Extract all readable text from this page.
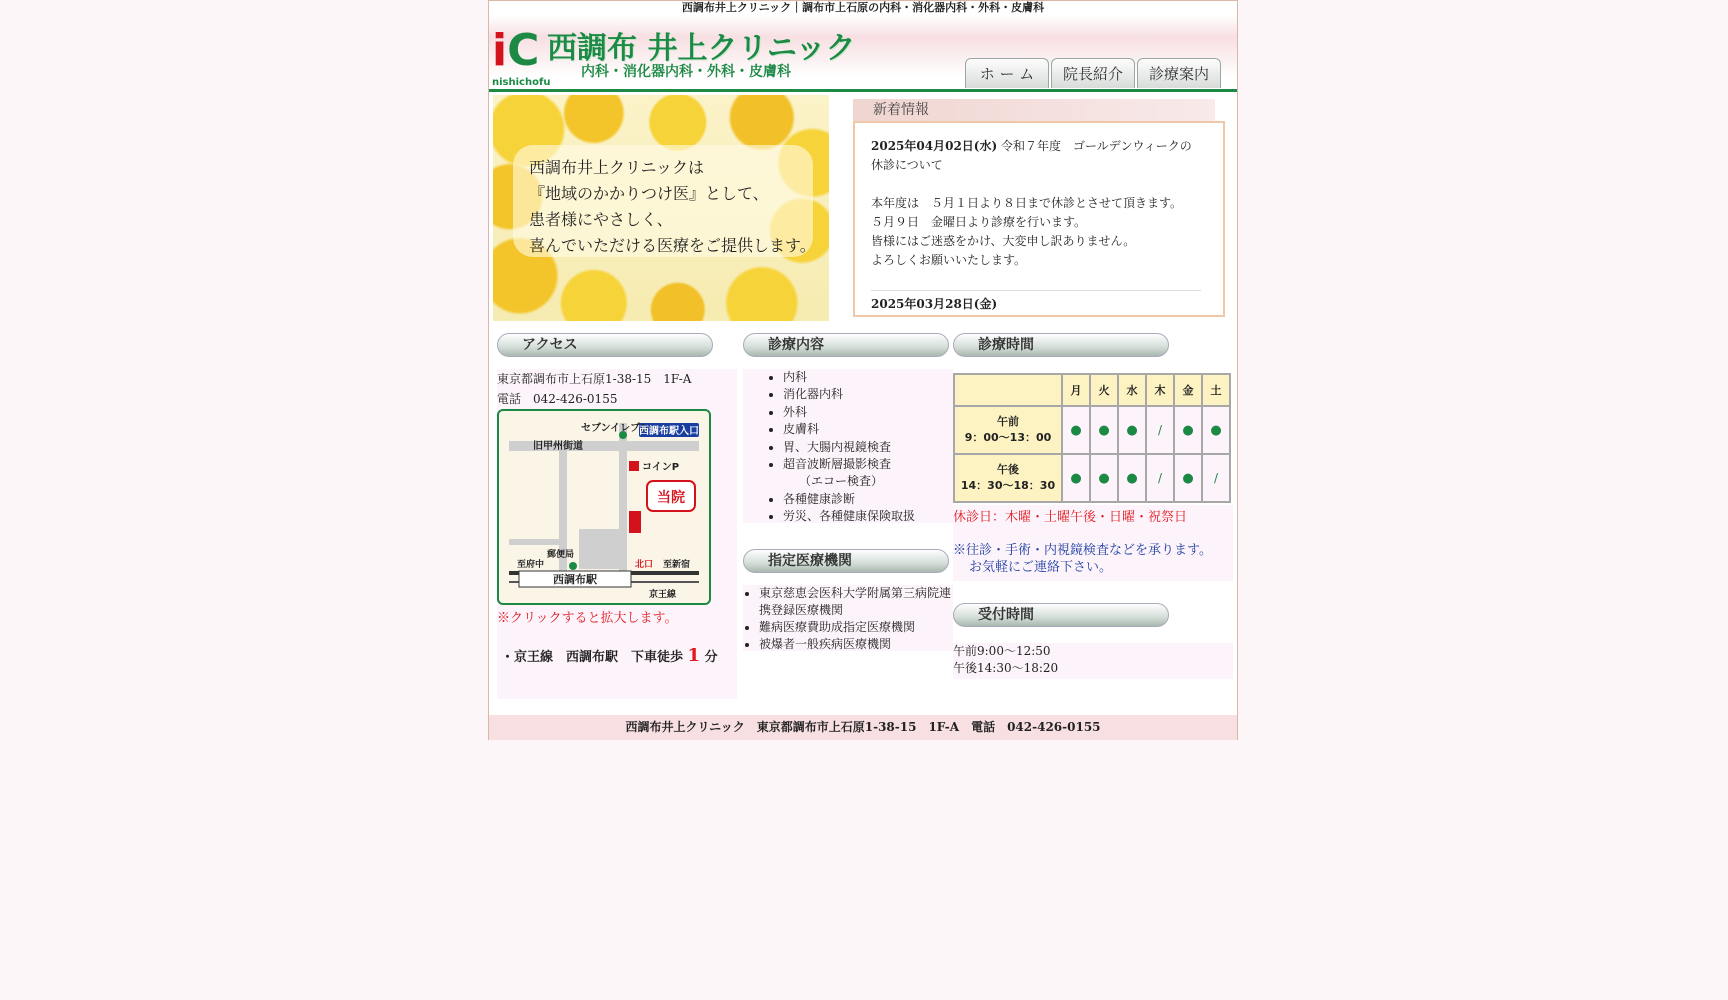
西調布井上クリニック｜調布市上石原の内科・消化器内科・外科・皮膚科
iC
nishichofu
西調布 井上クリニック
内科・消化器内科・外科・皮膚科	ホ ー ム	院長紹介	診療案内
西調布井上クリニックは
『地域のかかりつけ医』として、
患者様にやさしく、
喜んでいただける医療をご提供します。
新着情報
2025年04月02日(水) 令和７年度　ゴールデンウィークの休診について
本年度は　５月１日より８日まで休診とさせて頂きます。
５月９日　金曜日より診療を行います。
皆様にはご迷惑をかけ、大変申し訳ありません。
よろしくお願いいたします。
2025年03月28日(金)
アクセス	診療内容	診療時間
指定医療機関
受付時間
東京都調布市上石原1-38-15　1F-A
電話　042-426-0155
セブンイレブン
西調布駅入口
旧甲州街道
コインP
当院
郵便局
至府中	北口 至新宿
西調布駅
京王線
※クリックすると拡大します。
・京王線　西調布駅　下車徒歩 1 分
• 内科
• 消化器内科
• 外科
• 皮膚科
• 胃、大腸内視鏡検査
• 超音波断層撮影検査
（エコー検査）
• 各種健康診断
• 労災、各種健康保険取扱
• 東京慈恵会医科大学附属第三病院連携登録医療機関
• 難病医療費助成指定医療機関
• 被爆者一般疾病医療機関
	月	火	水	木	金	土

午前
9：00～13：00	●	●	●	/	●	●

午後
14：30～18：30	●	●	●	/	●	/
休診日：木曜・土曜午後・日曜・祝祭日
※往診・手術・内視鏡検査などを承ります。
お気軽にご連絡下さい。
午前9:00～12:50
午後14:30～18:20
西調布井上クリニック　東京都調布市上石原1-38-15　1F-A　電話　042-426-0155
